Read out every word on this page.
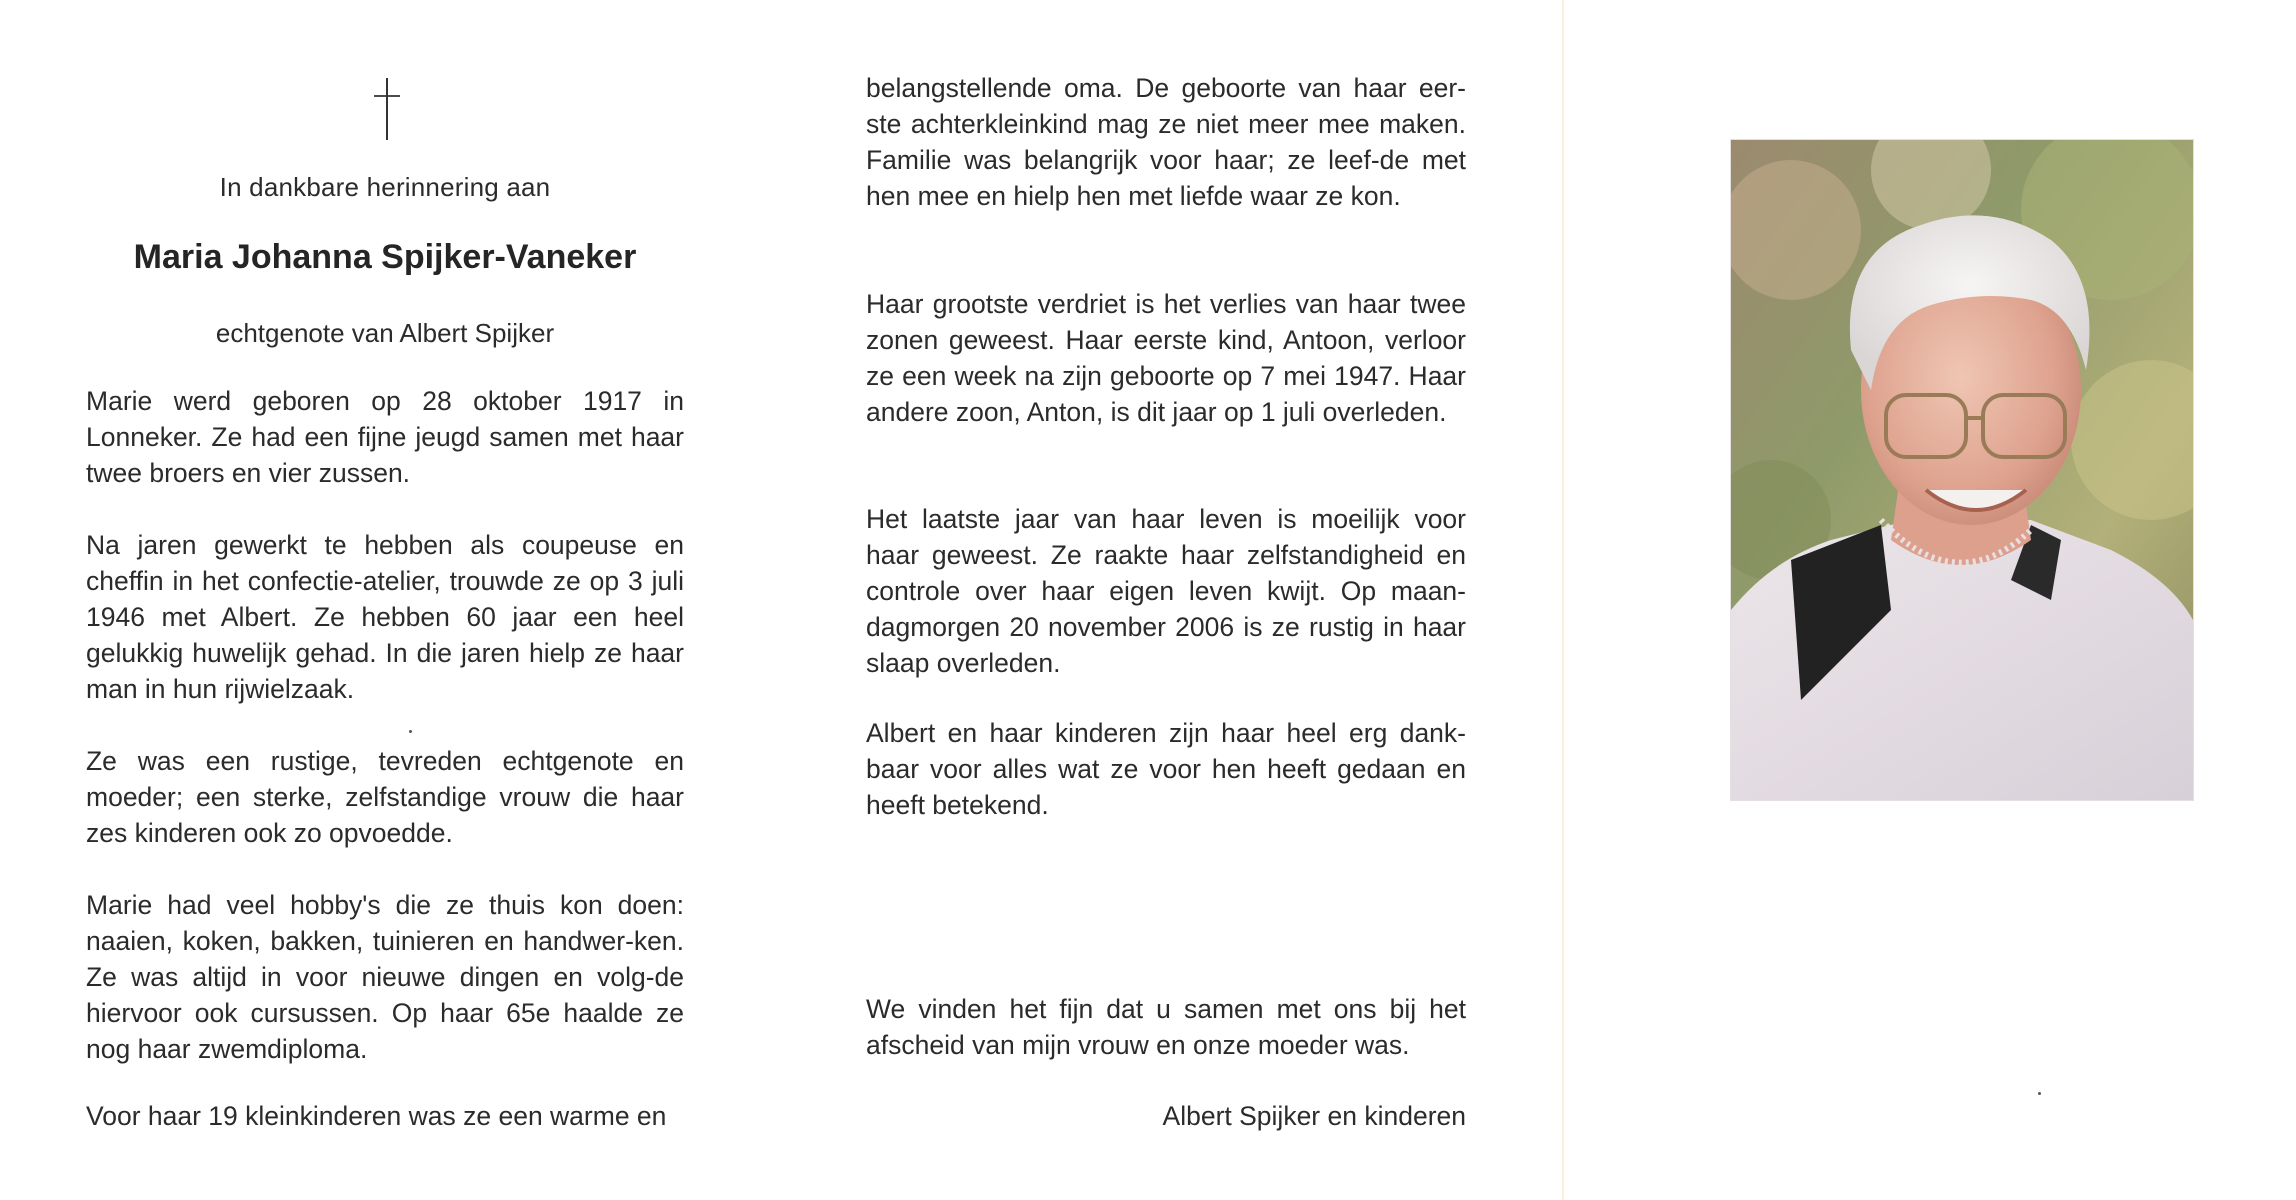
In dankbare herinnering aan

Maria Johanna Spijker-Vaneker

echtgenote van Albert Spijker

Marie werd geboren op 28 oktober 1917 in Lonneker. Ze had een fijne jeugd samen met haar twee broers en vier zussen.

Na jaren gewerkt te hebben als coupeuse en cheffin in het confectie-atelier, trouwde ze op 3 juli 1946 met Albert. Ze hebben 60 jaar een heel gelukkig huwelijk gehad. In die jaren hielp ze haar man in hun rijwielzaak.

Ze was een rustige, tevreden echtgenote en moeder; een sterke, zelfstandige vrouw die haar zes kinderen ook zo opvoedde.

Marie had veel hobby's die ze thuis kon doen: naaien, koken, bakken, tuinieren en handwer-ken. Ze was altijd in voor nieuwe dingen en volg-de hiervoor ook cursussen. Op haar 65e haalde ze nog haar zwemdiploma.

Voor haar 19 kleinkinderen was ze een warme en

belangstellende oma. De geboorte van haar eer-ste achterkleinkind mag ze niet meer mee maken. Familie was belangrijk voor haar; ze leef-de met hen mee en hielp hen met liefde waar ze kon.

Haar grootste verdriet is het verlies van haar twee zonen geweest. Haar eerste kind, Antoon, verloor ze een week na zijn geboorte op 7 mei 1947. Haar andere zoon, Anton, is dit jaar op 1 juli overleden.

Het laatste jaar van haar leven is moeilijk voor haar geweest. Ze raakte haar zelfstandigheid en controle over haar eigen leven kwijt. Op maan-dagmorgen 20 november 2006 is ze rustig in haar slaap overleden.

Albert en haar kinderen zijn haar heel erg dank-baar voor alles wat ze voor hen heeft gedaan en heeft betekend.

We vinden het fijn dat u samen met ons bij het afscheid van mijn vrouw en onze moeder was.

Albert Spijker en kinderen
